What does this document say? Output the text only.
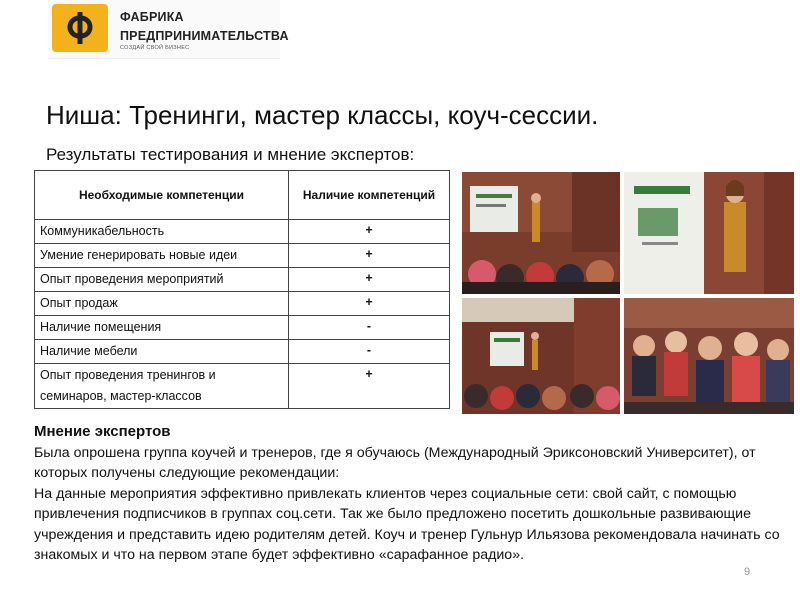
ФАБРИКА
ПРЕДПРИНИМАТЕЛЬСТВА
СОЗДАЙ СВОЙ БИЗНЕС
Ниша: Тренинги, мастер классы, коуч-сессии.
Результаты тестирования и мнение экспертов:
Необходимые компетенции	Наличие компетенций
Коммуникабельность	+
Умение генерировать новые идеи	+
Опыт проведения мероприятий	+
Опыт продаж	+
Наличие помещения	-
Наличие мебели	-
Опыт проведения тренингов и семинаров, мастер-классов	+
Мнение экспертов

Была опрошена группа коучей и тренеров, где я обучаюсь (Международный Эриксоновский Университет), от которых получены следующие рекомендации:

На данные мероприятия эффективно привлекать клиентов через социальные сети: свой сайт, с помощью привлечения подписчиков в группах соц.сети. Так же было предложено посетить дошкольные развивающие учреждения и представить идею родителям детей. Коуч и тренер Гульнур Ильязова рекомендовала начинать со знакомых и что на первом этапе будет эффективно «сарафанное радио».

9
